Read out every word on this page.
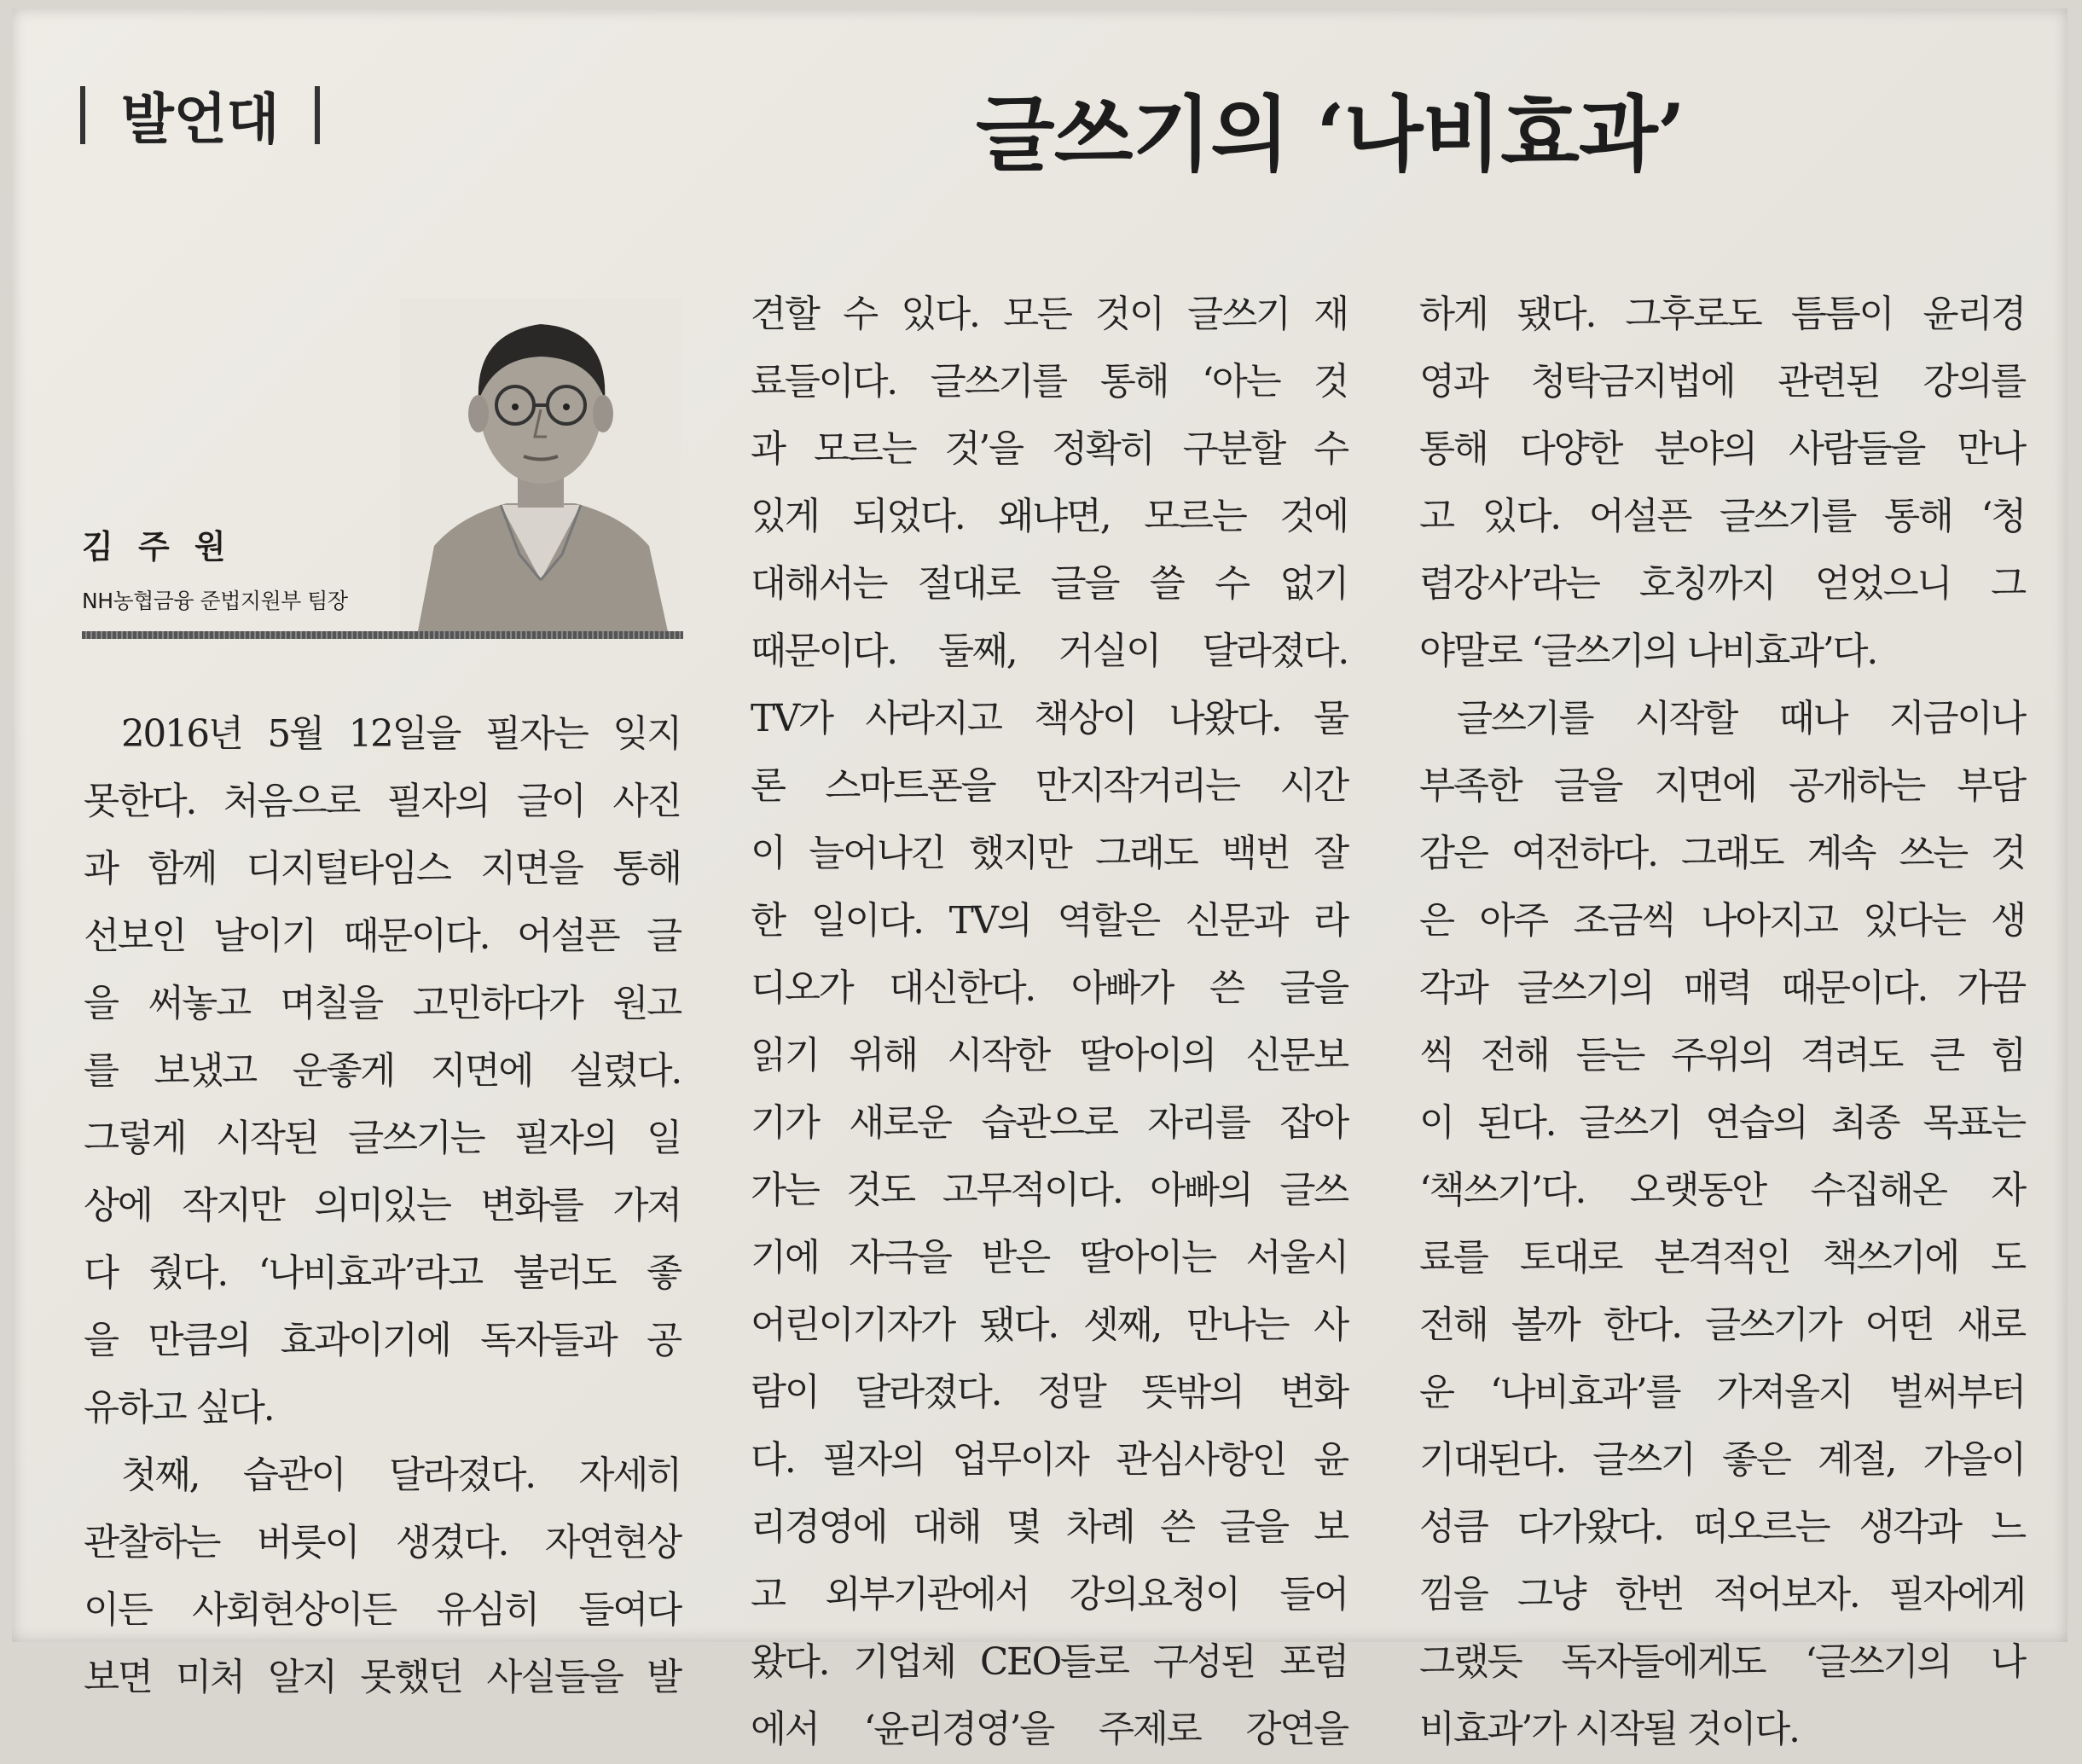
발언대	글쓰기의 ‘나비효과’
김 주 원
NH농협금융 준법지원부 팀장
2016년 5월 12일을 필자는 잊지
못한다. 처음으로 필자의 글이 사진
과 함께 디지털타임스 지면을 통해
선보인 날이기 때문이다. 어설픈 글
을 써놓고 며칠을 고민하다가 원고
를 보냈고 운좋게 지면에 실렸다.
그렇게 시작된 글쓰기는 필자의 일
상에 작지만 의미있는 변화를 가져
다 줬다. ‘나비효과’라고 불러도 좋
을 만큼의 효과이기에 독자들과 공
유하고 싶다.
첫째, 습관이 달라졌다. 자세히
관찰하는 버릇이 생겼다. 자연현상
이든 사회현상이든 유심히 들여다
보면 미처 알지 못했던 사실들을 발
견할 수 있다. 모든 것이 글쓰기 재
료들이다. 글쓰기를 통해 ‘아는 것
과 모르는 것’을 정확히 구분할 수
있게 되었다. 왜냐면, 모르는 것에
대해서는 절대로 글을 쓸 수 없기
때문이다. 둘째, 거실이 달라졌다.
TV가 사라지고 책상이 나왔다. 물
론 스마트폰을 만지작거리는 시간
이 늘어나긴 했지만 그래도 백번 잘
한 일이다. TV의 역할은 신문과 라
디오가 대신한다. 아빠가 쓴 글을
읽기 위해 시작한 딸아이의 신문보
기가 새로운 습관으로 자리를 잡아
가는 것도 고무적이다. 아빠의 글쓰
기에 자극을 받은 딸아이는 서울시
어린이기자가 됐다. 셋째, 만나는 사
람이 달라졌다. 정말 뜻밖의 변화
다. 필자의 업무이자 관심사항인 윤
리경영에 대해 몇 차례 쓴 글을 보
고 외부기관에서 강의요청이 들어
왔다. 기업체 CEO들로 구성된 포럼
에서 ‘윤리경영’을 주제로 강연을
하게 됐다. 그후로도 틈틈이 윤리경
영과 청탁금지법에 관련된 강의를
통해 다양한 분야의 사람들을 만나
고 있다. 어설픈 글쓰기를 통해 ‘청
렴강사’라는 호칭까지 얻었으니 그
야말로 ‘글쓰기의 나비효과’다.
글쓰기를 시작할 때나 지금이나
부족한 글을 지면에 공개하는 부담
감은 여전하다. 그래도 계속 쓰는 것
은 아주 조금씩 나아지고 있다는 생
각과 글쓰기의 매력 때문이다. 가끔
씩 전해 듣는 주위의 격려도 큰 힘
이 된다. 글쓰기 연습의 최종 목표는
‘책쓰기’다. 오랫동안 수집해온 자
료를 토대로 본격적인 책쓰기에 도
전해 볼까 한다. 글쓰기가 어떤 새로
운 ‘나비효과’를 가져올지 벌써부터
기대된다. 글쓰기 좋은 계절, 가을이
성큼 다가왔다. 떠오르는 생각과 느
낌을 그냥 한번 적어보자. 필자에게
그랬듯 독자들에게도 ‘글쓰기의 나
비효과’가 시작될 것이다.
